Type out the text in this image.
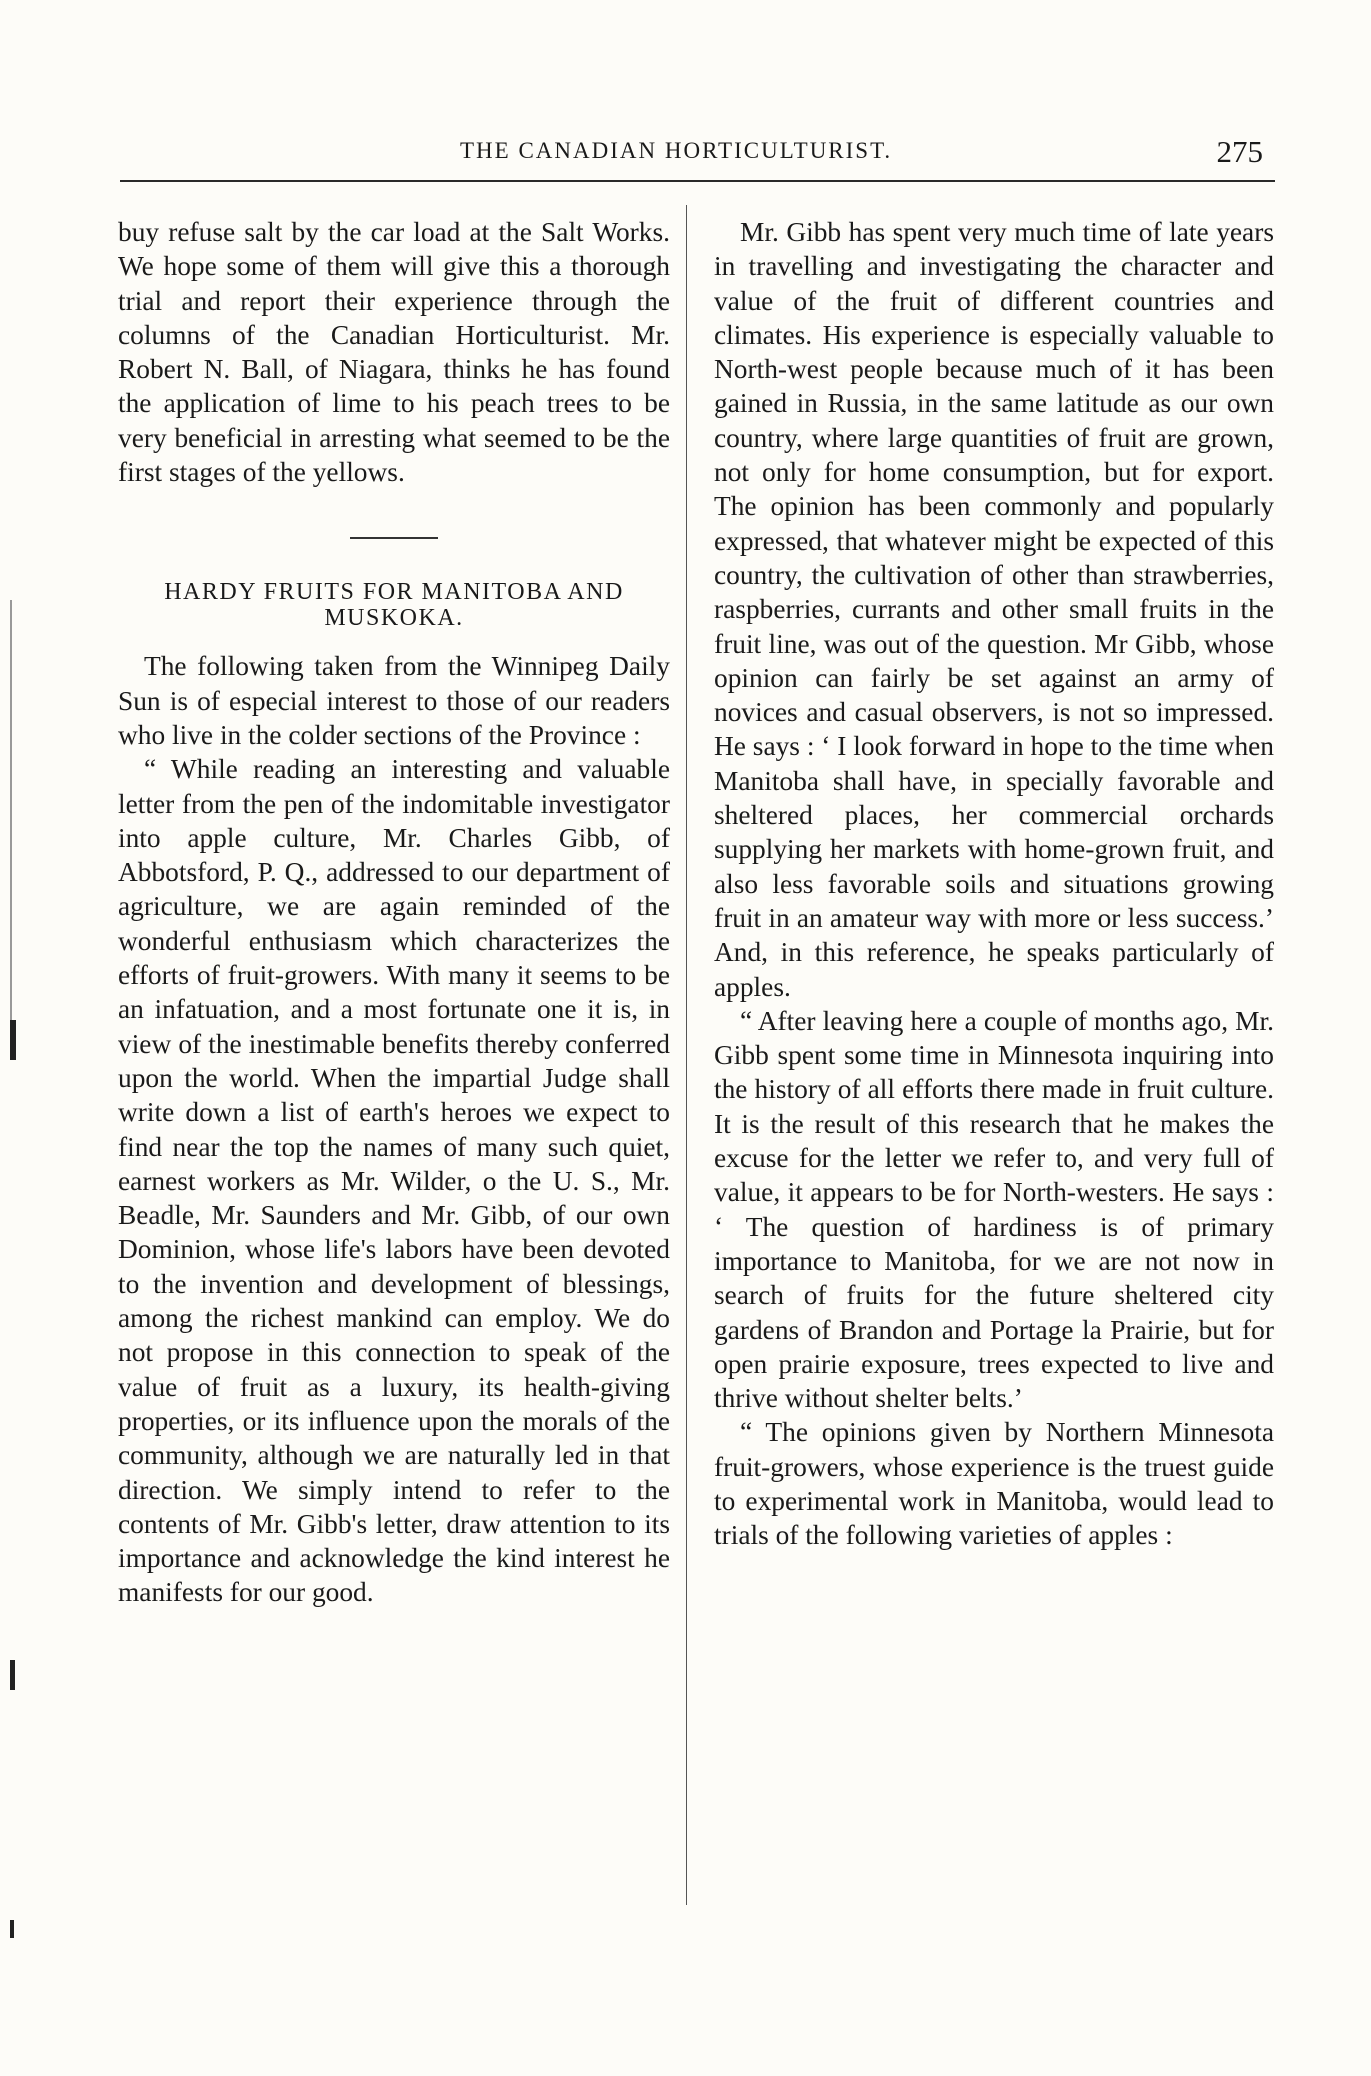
THE CANADIAN HORTICULTURIST.	275

buy refuse salt by the car load at the Salt Works. We hope some of them will give this a thorough trial and report their experience through the columns of the Canadian Horticulturist. Mr. Robert N. Ball, of Niagara, thinks he has found the application of lime to his peach trees to be very beneficial in arresting what seemed to be the first stages of the yellows.

HARDY FRUITS FOR MANITOBA AND MUSKOKA.

The following taken from the Winnipeg Daily Sun is of especial interest to those of our readers who live in the colder sections of the Province :

“ While reading an interesting and valuable letter from the pen of the indomitable investigator into apple culture, Mr. Charles Gibb, of Abbotsford, P. Q., addressed to our department of agriculture, we are again reminded of the wonderful enthusiasm which characterizes the efforts of fruit-growers. With many it seems to be an infatuation, and a most fortunate one it is, in view of the inestimable benefits thereby conferred upon the world. When the impartial Judge shall write down a list of earth's heroes we expect to find near the top the names of many such quiet, earnest workers as Mr. Wilder, o the U. S., Mr. Beadle, Mr. Saunders and Mr. Gibb, of our own Dominion, whose life's labors have been devoted to the invention and development of blessings, among the richest mankind can employ. We do not propose in this connection to speak of the value of fruit as a luxury, its health-giving properties, or its influence upon the morals of the community, although we are naturally led in that direction. We simply intend to refer to the contents of Mr. Gibb's letter, draw attention to its importance and acknowledge the kind interest he manifests for our good.

Mr. Gibb has spent very much time of late years in travelling and investigating the character and value of the fruit of different countries and climates. His experience is especially valuable to North-west people because much of it has been gained in Russia, in the same latitude as our own country, where large quantities of fruit are grown, not only for home consumption, but for export. The opinion has been commonly and popularly expressed, that whatever might be expected of this country, the cultivation of other than strawberries, raspberries, currants and other small fruits in the fruit line, was out of the question. Mr Gibb, whose opinion can fairly be set against an army of novices and casual observers, is not so impressed. He says : ‘ I look forward in hope to the time when Manitoba shall have, in specially favorable and sheltered places, her commercial orchards supplying her markets with home-grown fruit, and also less favorable soils and situations growing fruit in an amateur way with more or less success.’ And, in this reference, he speaks particularly of apples.

“ After leaving here a couple of months ago, Mr. Gibb spent some time in Minnesota inquiring into the history of all efforts there made in fruit culture. It is the result of this research that he makes the excuse for the letter we refer to, and very full of value, it appears to be for North-westers. He says : ‘ The question of hardiness is of primary importance to Manitoba, for we are not now in search of fruits for the future sheltered city gardens of Brandon and Portage la Prairie, but for open prairie exposure, trees expected to live and thrive without shelter belts.’

“ The opinions given by Northern Minnesota fruit-growers, whose experience is the truest guide to experimental work in Manitoba, would lead to trials of the following varieties of apples :
